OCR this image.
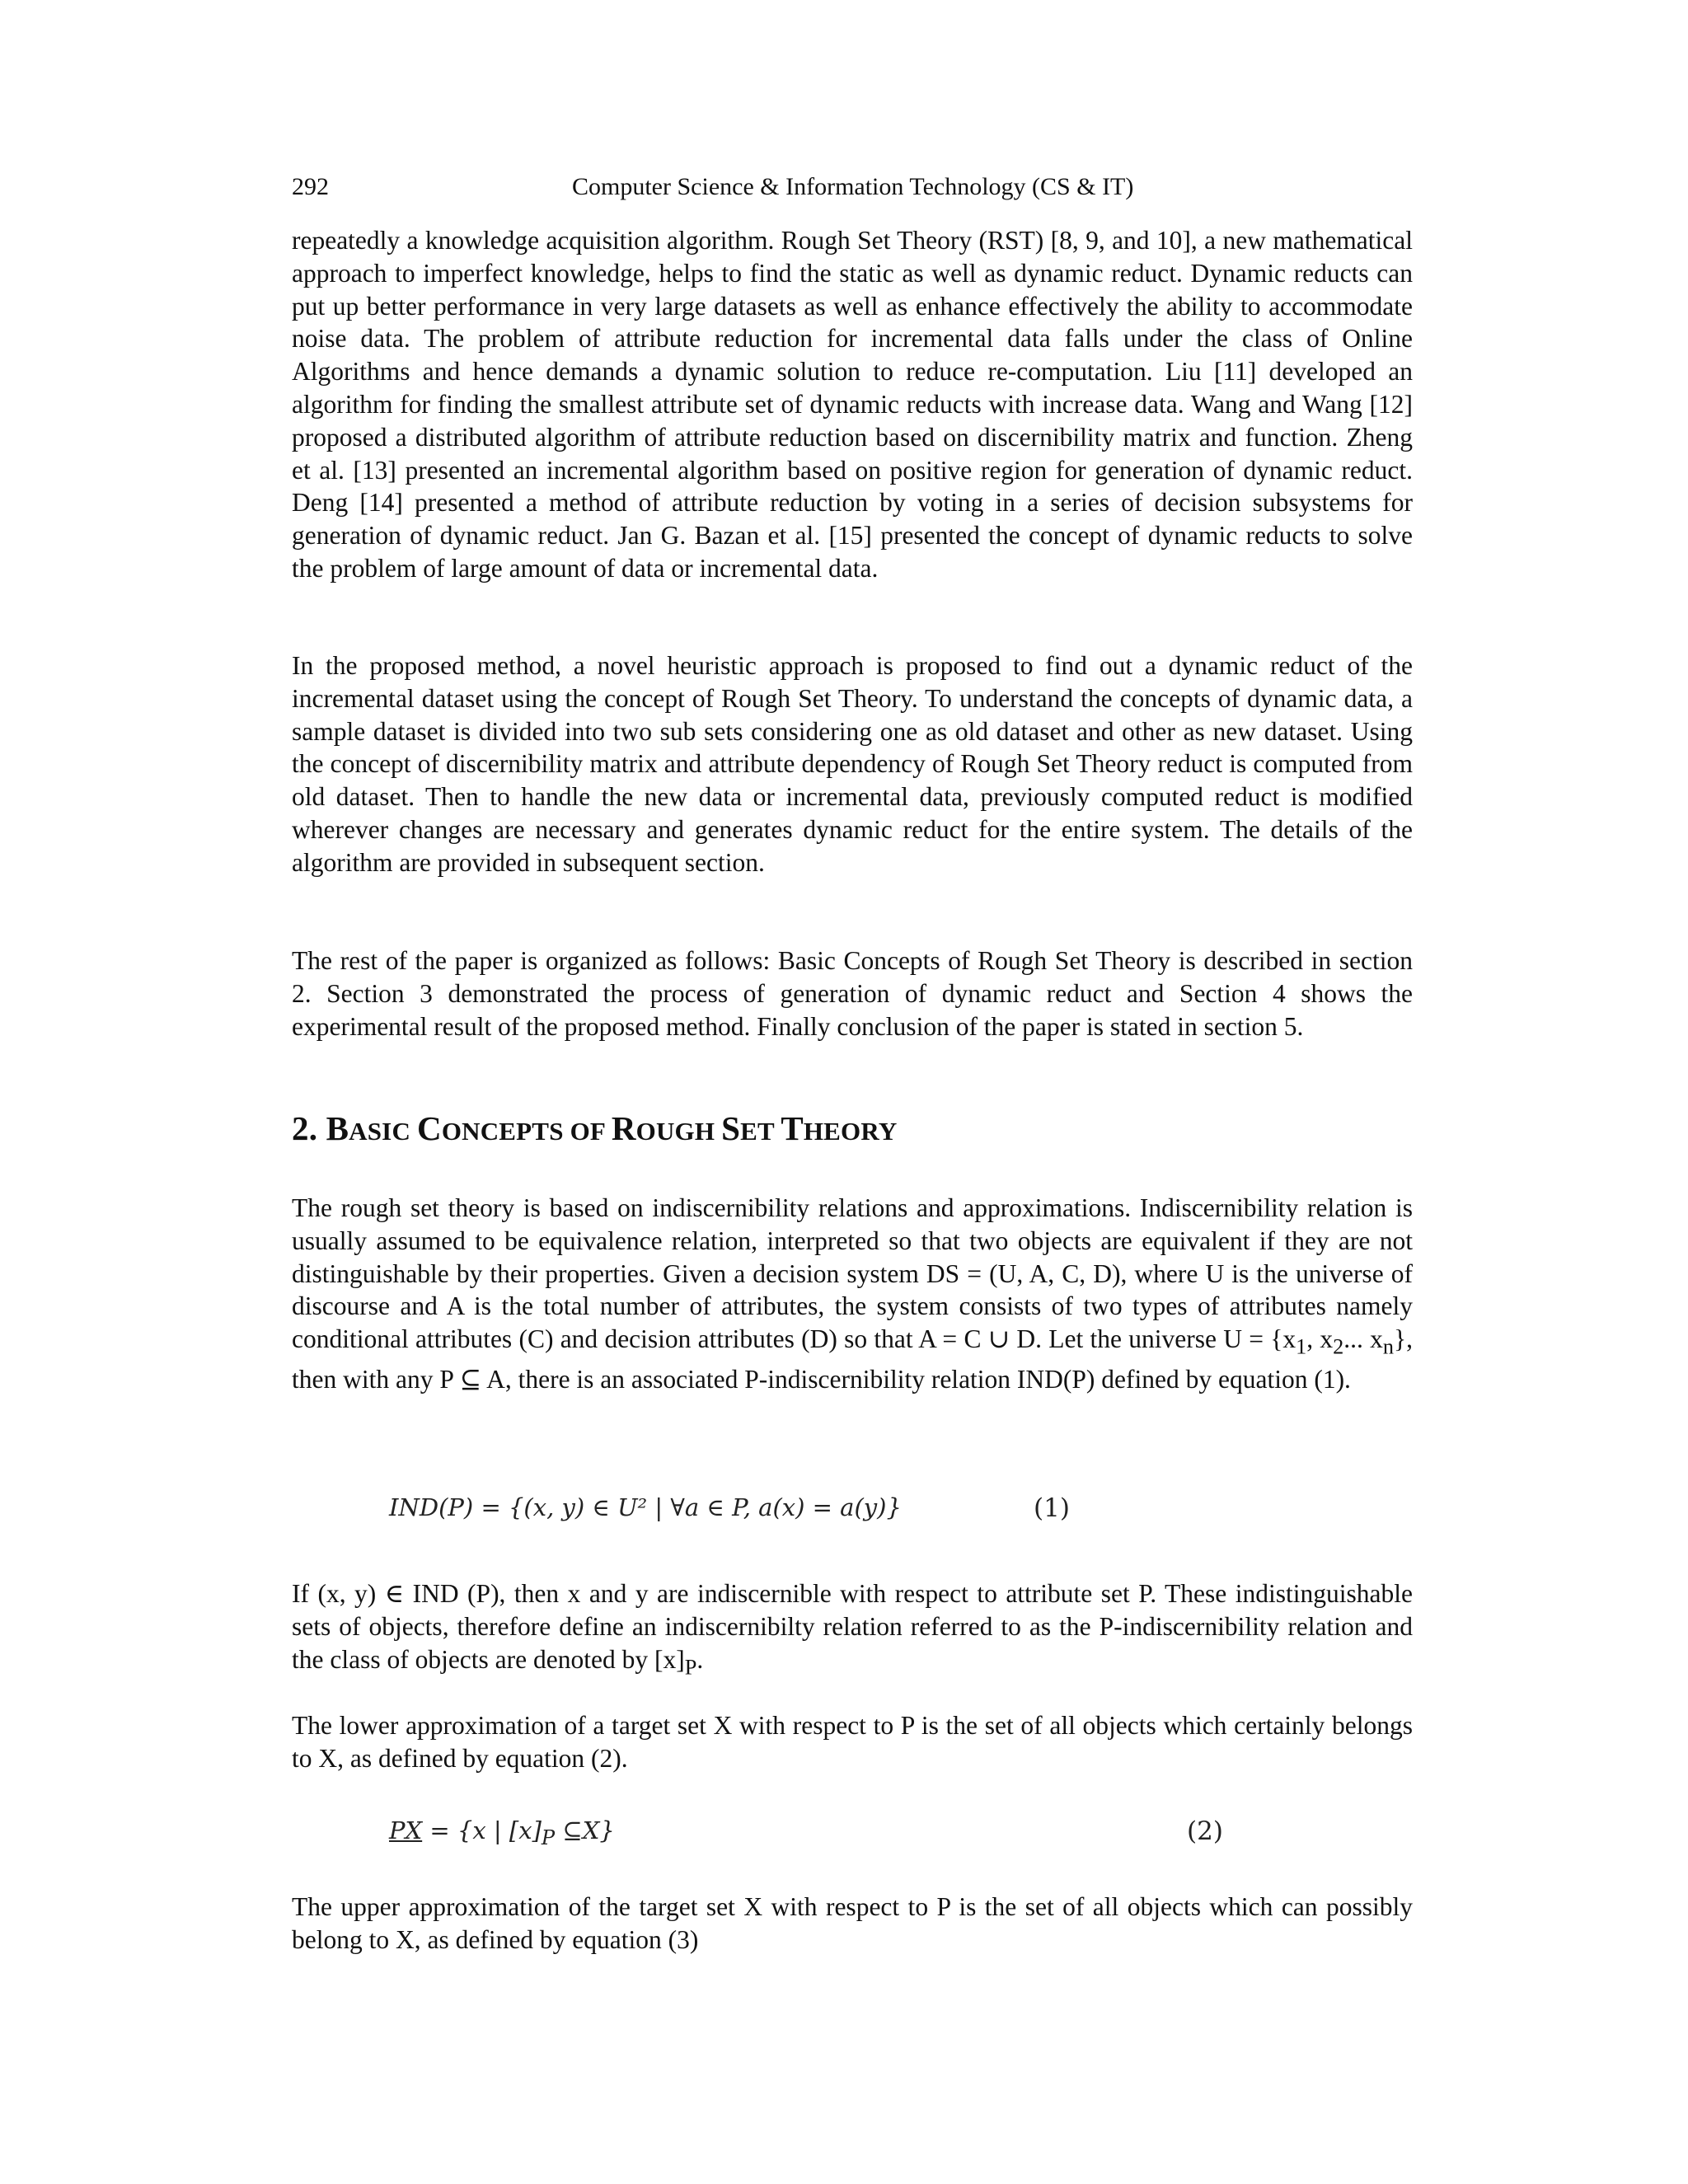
292	Computer Science & Information Technology (CS & IT)

repeatedly a knowledge acquisition algorithm. Rough Set Theory (RST) [8, 9, and 10], a new mathematical approach to imperfect knowledge, helps to find the static as well as dynamic reduct. Dynamic reducts can put up better performance in very large datasets as well as enhance effectively the ability to accommodate noise data. The problem of attribute reduction for incremental data falls under the class of Online Algorithms and hence demands a dynamic solution to reduce re-computation. Liu [11] developed an algorithm for finding the smallest attribute set of dynamic reducts with increase data. Wang and Wang [12] proposed a distributed algorithm of attribute reduction based on discernibility matrix and function. Zheng et al. [13] presented an incremental algorithm based on positive region for generation of dynamic reduct. Deng [14] presented a method of attribute reduction by voting in a series of decision subsystems for generation of dynamic reduct. Jan G. Bazan et al. [15] presented the concept of dynamic reducts to solve the problem of large amount of data or incremental data.

In the proposed method, a novel heuristic approach is proposed to find out a dynamic reduct of the incremental dataset using the concept of Rough Set Theory. To understand the concepts of dynamic data, a sample dataset is divided into two sub sets considering one as old dataset and other as new dataset. Using the concept of discernibility matrix and attribute dependency of Rough Set Theory reduct is computed from old dataset. Then to handle the new data or incremental data, previously computed reduct is modified wherever changes are necessary and generates dynamic reduct for the entire system. The details of the algorithm are provided in subsequent section.

The rest of the paper is organized as follows: Basic Concepts of Rough Set Theory is described in section 2. Section 3 demonstrated the process of generation of dynamic reduct and Section 4 shows the experimental result of the proposed method. Finally conclusion of the paper is stated in section 5.

2. BASIC CONCEPTS OF ROUGH SET THEORY

The rough set theory is based on indiscernibility relations and approximations. Indiscernibility relation is usually assumed to be equivalence relation, interpreted so that two objects are equivalent if they are not distinguishable by their properties. Given a decision system DS = (U, A, C, D), where U is the universe of discourse and A is the total number of attributes, the system consists of two types of attributes namely conditional attributes (C) and decision attributes (D) so that A = C ∪ D. Let the universe $U = \{x_1$, $x_2$... $x_n$}, then with any P ⊆ A, there is an associated P-indiscernibility relation IND(P) defined by equation (1).

IND(P) = {(x, y) ∈ U² | ∀a ∈ P, a(x) = a(y)}	(1)

If (x, y) ∈ IND (P), then x and y are indiscernible with respect to attribute set P. These indistinguishable sets of objects, therefore define an indiscernibilty relation referred to as the P-indiscernibility relation and the class of objects are denoted by $[x]_P$.

The lower approximation of a target set X with respect to P is the set of all objects which certainly belongs to X, as defined by equation (2).

PX = {x | $[x]_P$ ⊆X}	(2)

The upper approximation of the target set X with respect to P is the set of all objects which can possibly belong to X, as defined by equation (3)
